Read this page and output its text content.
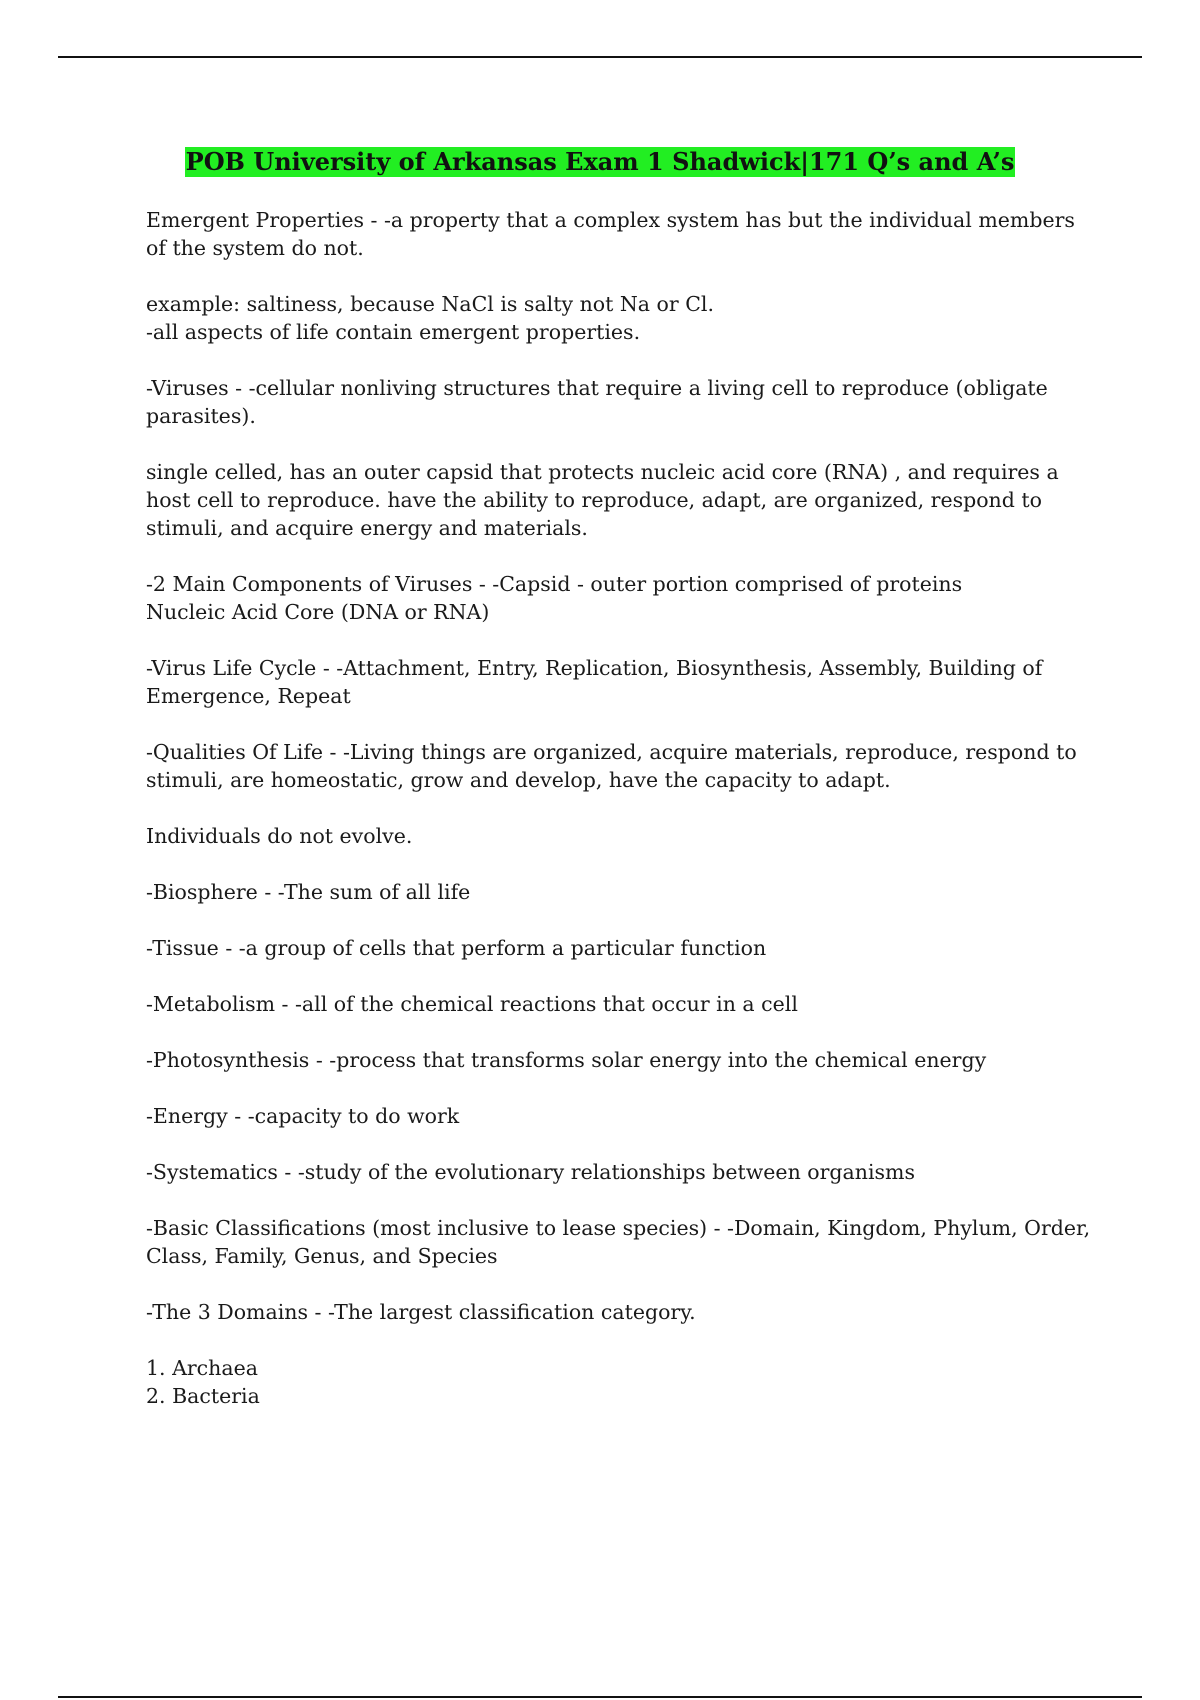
POB University of Arkansas Exam 1 Shadwick|171 Q’s and A’s

Emergent Properties - -a property that a complex system has but the individual members of the system do not.

example: saltiness, because NaCl is salty not Na or Cl.

-all aspects of life contain emergent properties.

-Viruses - -cellular nonliving structures that require a living cell to reproduce (obligate parasites).

single celled, has an outer capsid that protects nucleic acid core (RNA) , and requires a host cell to reproduce. have the ability to reproduce, adapt, are organized, respond to stimuli, and acquire energy and materials.

-2 Main Components of Viruses - -Capsid - outer portion comprised of proteins

Nucleic Acid Core (DNA or RNA)

-Virus Life Cycle - -Attachment, Entry, Replication, Biosynthesis, Assembly, Building of Emergence, Repeat

-Qualities Of Life - -Living things are organized, acquire materials, reproduce, respond to stimuli, are homeostatic, grow and develop, have the capacity to adapt.

Individuals do not evolve.

-Biosphere - -The sum of all life

-Tissue - -a group of cells that perform a particular function

-Metabolism - -all of the chemical reactions that occur in a cell

-Photosynthesis - -process that transforms solar energy into the chemical energy

-Energy - -capacity to do work

-Systematics - -study of the evolutionary relationships between organisms

-Basic Classifications (most inclusive to lease species) - -Domain, Kingdom, Phylum, Order, Class, Family, Genus, and Species

-The 3 Domains - -The largest classification category.

1. Archaea

2. Bacteria
